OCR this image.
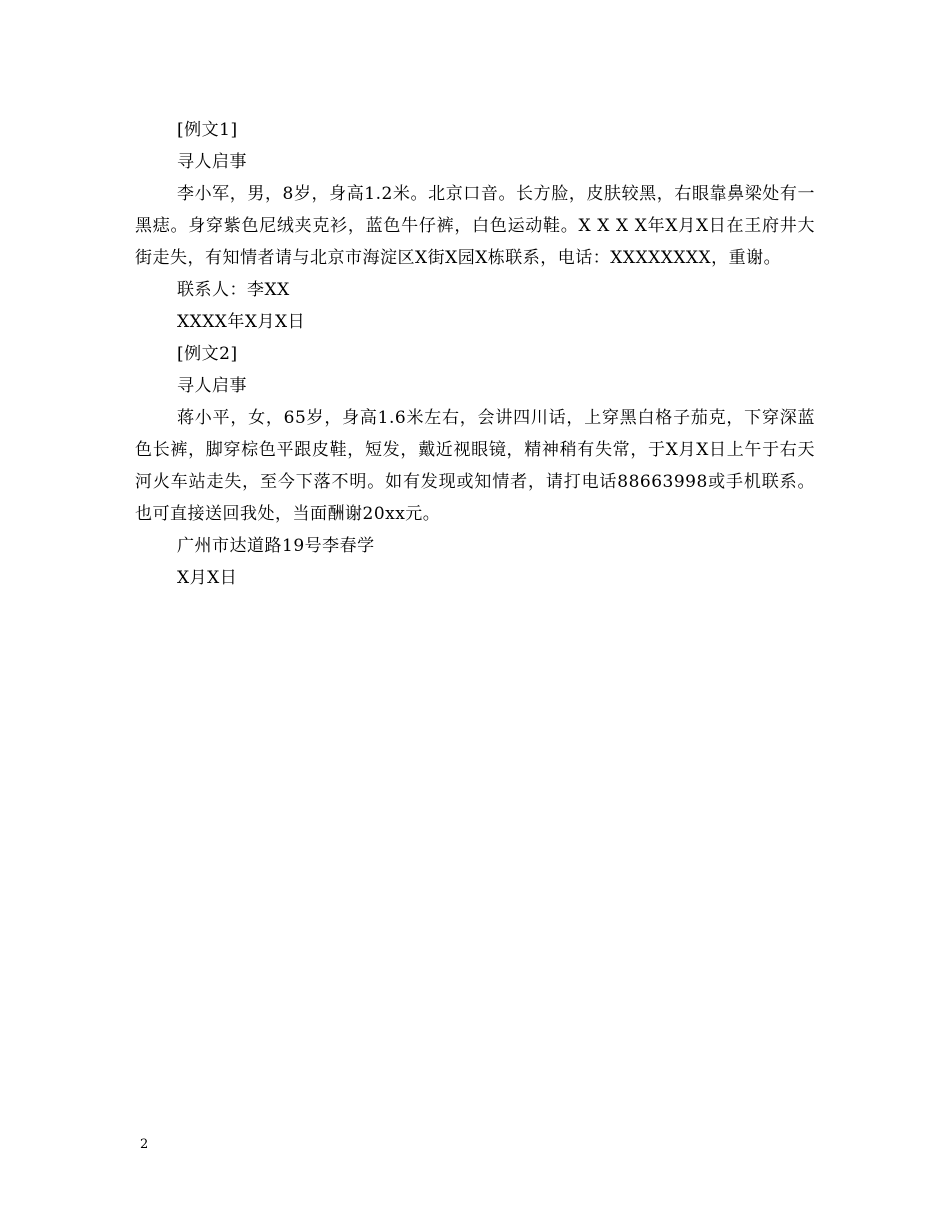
[例文1]

寻人启事

李小军，男，8岁，身高1.2米。北京口音。长方脸，皮肤较黑，右眼靠鼻梁处有一黑痣。身穿紫色尼绒夹克衫，蓝色牛仔裤，白色运动鞋。X X X X年X月X日在王府井大街走失，有知情者请与北京市海淀区X街X园X栋联系，电话：XXXXXXXX，重谢。

联系人：李XX

XXXX年X月X日

[例文2]

寻人启事

蒋小平，女，65岁，身高1.6米左右，会讲四川话，上穿黑白格子茄克，下穿深蓝色长裤，脚穿棕色平跟皮鞋，短发，戴近视眼镜，精神稍有失常，于X月X日上午于右天河火车站走失，至今下落不明。如有发现或知情者，请打电话88663998或手机联系。也可直接送回我处，当面酬谢20xx元。

广州市达道路19号李春学

X月X日

2
